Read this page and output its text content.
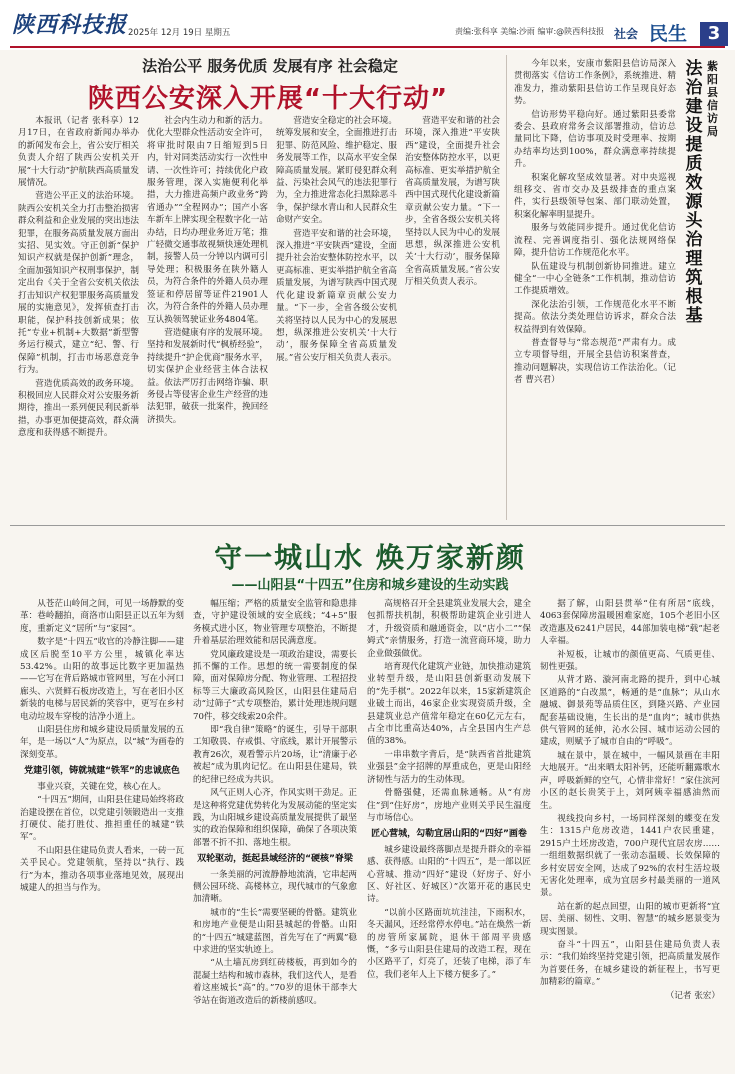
陕西科技报 2025年 12月 19日 星期五	责编:张科享 美编:沙雨 编审:@陕西科技报 社会 民生	3
法治公平 服务优质 发展有序 社会稳定
陕西公安深入开展“十大行动”

本报讯（记者 张科享）12月17日，在省政府新闻办举办的新闻发布会上，省公安厅相关负责人介绍了陕西公安机关开展“十大行动”护航陕西高质量发展情况。

营造公平正义的法治环境。陕西公安机关全力打击整治损害群众利益和企业发展的突出违法犯罪，在服务高质量发展方面出实招、见实效。守正创新“保护知识产权就是保护创新”理念，全面加强知识产权刑事保护，制定出台《关于全省公安机关依法打击知识产权犯罪服务高质量发展的实施意见》，发挥侦查打击职能，保护科技创新成果；依托“专业+机制+大数据”新型警务运行模式，建立“纪、警、行保障”机制，打击市场恶意竞争行为。

营造优质高效的政务环境。积极回应人民群众对公安服务新期待，推出一系列便民利民新举措，办事更加便捷高效，群众满意度和获得感不断提升。

社会内生动力和新的活力。优化大型群众性活动安全许可，将审批时限由7日缩短到5日内，针对同类活动实行一次性申请、一次性许可；持续优化户政服务管理，深入实施便利化举措，大力推进高频户政业务“跨省通办”“全程网办”；国产小客车新车上牌实现全程数字化一站办结，日均办理业务近万笔；推广轻微交通事故视频快速处理机制，接警人员一分钟以内调可引导处理；积极服务在陕外籍人员，为符合条件的外籍人员办理签证和停居留等证件21901人次，为符合条件的外籍人员办理互认换领驾驶证业务4804笔。

营造健康有序的发展环境。坚持和发展新时代“枫桥经验”，持续提升“护企优商”服务水平，切实保护企业经营主体合法权益。依法严厉打击网络诈骗、职务侵占等侵害企业生产经营的违法犯罪，破获一批案件，挽回经济损失。

营造安全稳定的社会环境。统筹发展和安全，全面推进打击犯罪、防范风险、维护稳定、服务发展等工作，以高水平安全保障高质量发展。紧盯侵犯群众利益、污染社会风气的违法犯罪行为，全力推进常态化扫黑除恶斗争，保护绿水青山和人民群众生命财产安全。

营造平安和谐的社会环境，深入推进“平安陕西”建设，全面提升社会治安整体防控水平，以更高标准、更实举措护航全省高质量发展，为谱写陕西中国式现代化建设新篇章贡献公安力量。“下一步，全省各级公安机关将坚持以人民为中心的发展思想，纵深推进公安机关‘十大行动’，服务保障全省高质量发展。”省公安厅相关负责人表示。

营造平安和谐的社会环境，深入推进“平安陕西”建设，全面提升社会治安整体防控水平，以更高标准、更实举措护航全省高质量发展，为谱写陕西中国式现代化建设新篇章贡献公安力量。“下一步，全省各级公安机关将坚持以人民为中心的发展思想，纵深推进公安机关‘十大行动’，服务保障全省高质量发展。”省公安厅相关负责人表示。

今年以来，安康市紫阳县信访局深入贯彻落实《信访工作条例》，系统推进、精准发力，推动紫阳县信访工作呈现良好态势。

信访形势平稳向好。通过紫阳县委常委会、县政府常务会议部署推动，信访总量同比下降，信访事项及时受理率、按期办结率均达到100%，群众满意率持续提升。

积案化解攻坚成效显著。对中央巡视组移交、省市交办及县级排查的重点案件，实行县级领导包案、部门联动处置，积案化解率明显提升。

服务与效能同步提升。通过优化信访流程、完善调度指引、强化法规网络保障，提升信访工作规范化水平。

队伍建设与机制创新协同推进。建立健全“一中心全链条”工作机制，推动信访工作提质增效。

深化法治引领，工作规范化水平不断提高。依法分类处理信访诉求，群众合法权益得到有效保障。

普查督导与“常态规范”严肃有力。成立专项督导组，开展全县信访积案普查，推动问题解决，实现信访工作法治化。（记者 曹兴君）

法治建设提质效 源头治理筑根基
紫阳县信访局
守一城山水 焕万家新颜
——山阳县“十四五”住房和城乡建设的生动实践

从苍茫山岭间之间，可见一场静默的变革：巷岭翻拍，商洛市山阳县正以五年为刻度，重新定义“居所”与“家园”。

数字是“十四五”收官的冷静注脚——建成区后脱至10平方公里，城镇化率达53.42%。山阳的故事远比数字更加温热——它写在背后路城市管网里，写在小河口廊头、六贤鲜石板房改造上，写在老旧小区新装的电梯与居民新的笑容中，更写在乡村电动垃圾车穿梭的洁净小道上。

山阳县住房和城乡建设局质量发展的五年，是一场以“人”为原点，以“城”为画卷的深刻变革。

党建引领，铸就城建“铁军”的忠诚底色

事业兴衰，关键在党，核心在人。

“十四五”期间，山阳县住建局始终将政治建设摆在首位，以党建引领锻造出一支推打硬仗、能打胜仗、推担重任的城建“铁军”。

不山阳县住建局负责人看来，一砖一瓦关乎民心。党建领航，坚持以“执行、践行”为本，推动各项事业落地见效，展现出城建人的担当与作为。

幅压缩；严格的质量安全监管和隐患排查，守护建设领域的安全底线；“4+5”服务模式进小区，物业管理专项整治，不断提升着基层治理效能和居民满意度。

党风廉政建设是一项政治建设，需要长抓不懈的工作。思想的统一需要制度的保障，面对保障房分配、物业管理、工程招投标等三大廉政高风险区，山阳县住建局启动“过筛子”式专项整治，累计处理违规问题70件，移交线索20余件。

即“我自律”策略”的诞生，引导干部职工知敬畏、存戒惧、守底线，累计开展警示教育26次，观看警示片20场，让“清廉于必被起”成为肌肉记忆。在山阳县住建局，铁的纪律已经成为共识。

风气正则人心齐，作风实则干劲足。正是这种将党建优势转化为发展动能的坚定实践，为山阳城乡建设高质量发展提供了最坚实的政治保障和组织保障，确保了各项决策部署不折不扣、落地生根。

双轮驱动，挺起县域经济的“硬核”脊梁

一条美丽的河流静静地流淌，它串起两侧公园环绕、高楼林立，现代城市的气象愈加清晰。

城市的“生长”需要坚硬的骨骼。建筑业和房地产业便是山阳县城起的骨骼。山阳的“十四五”城建蓝图，首先写在了“两翼”稳中求进的坚实轨迹上。

“从土墙瓦房到红砖楼板，再到如今的混凝土结构和城市森林，我们这代人，是看着这座城长“高”的。”70岁的退休干部李大爷站在街道改造后的新楼前感叹。

高规格召开全县建筑业发展大会，建全包抓帮扶机制，积极帮助建筑企业引进人才，升级资质和融通资金，以“店小二”“保姆式”亲情服务，打造一流营商环境，助力企业做强做优。

培育现代化建筑产业链，加快推动建筑业转型升级，是山阳县创新驱动发展下的“先手棋”。2022年以来，15家新建筑企业破土而出，46家企业实现资质升级，全县建筑业总产值常年稳定在60亿元左右，占全市比重高达40%，占全县国内生产总值的38%。

一串串数字背后，是“陕西省首批建筑业强县”金字招牌的厚重成色，更是山阳经济韧性与活力的生动体现。

骨骼强健，还需血脉通畅。从“有房住”到“住好房”，房地产业则关乎民生温度与市场信心。

匠心营城，勾勒宜居山阳的“四好”画卷

城乡建设最终落脚点是提升群众的幸福感、获得感。山阳的“十四五”，是一部以匠心营城、推动“四好”建设（好房子、好小区、好社区、好城区）”次第开花的惠民史诗。

“以前小区路面坑坑洼洼，下雨积水，冬天漏风，还经常停水停电。”站在焕然一新的房管所家属院，退休干部周平贵感慨，“多亏山阳县住建局的改造工程，现在小区路平了，灯亮了，还装了电梯，添了车位，我们老年人上下楼方便多了。”

据了解，山阳县贯举“住有所居”底线，4063套保障房温暖困难家庭，105个老旧小区改造惠及6241户居民，44部加装电梯“载”起老人幸福。

补短板，让城市的颜值更高、气质更佳、韧性更强。

从背才路、漩河南北路的提升，到中心城区道路的“白改黑”，畅通的是“血脉”；从山水融城、御景苑等品质住区，到隆兴路、产业园配套基础设施，生长出的是“血肉”；城市供热供气管网的延伸，沁水公园、城市运动公园的建成，则赋予了城市自由的“呼吸”。

城在景中，景在城中，一幅风景画在丰阳大地展开。“出来晒太阳补钙，还能听翻露歌水声，呼吸新鲜的空气，心情非常好！”家住滨河小区的赵长贵笑于上，刘阿姨幸福感油然而生。

视线投向乡村，一场同样深刻的蝶变在发生：1315户危房改造，1441户农民重建，2915户土坯房改造，700户现代宜居农房……一组组数据织就了一张动态温暖、长效保障的乡村安居安全网，达成了92%的农村生活垃圾无害化处理率，成为宜居乡村最美丽的一道风景。

站在新的起点回望，山阳的城市更新将“宜居、美丽、韧性、文明、智慧”的城乡愿景变为现实图景。

奋斗“十四五”，山阳县住建局负责人表示：“我们始终坚持党建引领，把高质量发展作为首要任务，在城乡建设的新征程上，书写更加精彩的篇章。”

（记者 张宏）
